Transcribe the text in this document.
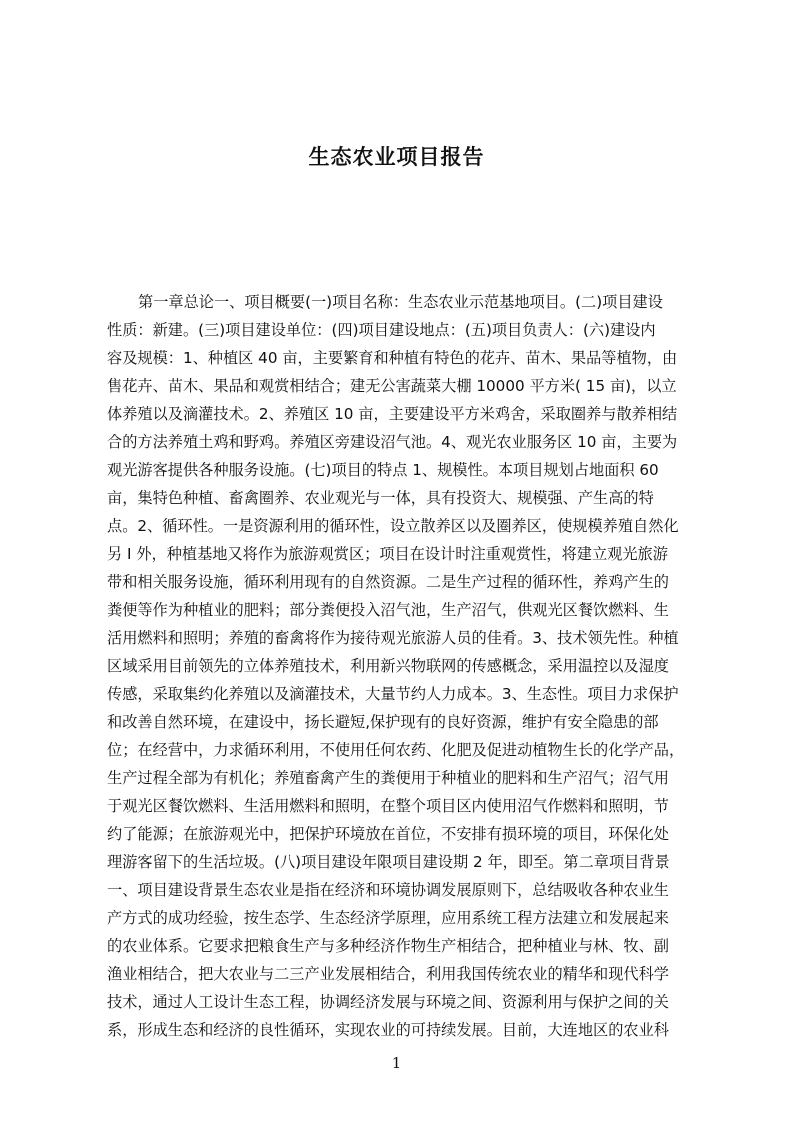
生态农业项目报告
第一章总论一、项目概要(一)项目名称：生态农业示范基地项目。(二)项目建设
性质：新建。(三)项目建设单位：(四)项目建设地点：(五)项目负责人：(六)建设内
容及规模：1、种植区 40 亩，主要繁育和种植有特色的花卉、苗木、果品等植物，由
售花卉、苗木、果品和观赏相结合；建无公害蔬菜大棚 10000 平方米( 15 亩)，以立
体养殖以及滴灌技术。2、养殖区 10 亩，主要建设平方米鸡舍，采取圈养与散养相结
合的方法养殖土鸡和野鸡。养殖区旁建设沼气池。4、观光农业服务区 10 亩，主要为
观光游客提供各种服务设施。(七)项目的特点 1、规模性。本项目规划占地面积 60
亩，集特色种植、畜禽圈养、农业观光与一体，具有投资大、规模强、产生高的特
点。2、循环性。一是资源利用的循环性，设立散养区以及圈养区，使规模养殖自然化
另 I 外，种植基地又将作为旅游观赏区；项目在设计时注重观赏性，将建立观光旅游
带和相关服务设施，循环利用现有的自然资源。二是生产过程的循环性，养鸡产生的
粪便等作为种植业的肥料；部分粪便投入沼气池，生产沼气，供观光区餐饮燃料、生
活用燃料和照明；养殖的畜禽将作为接待观光旅游人员的佳肴。3、技术领先性。种植
区域采用目前领先的立体养殖技术，利用新兴物联网的传感概念，采用温控以及湿度
传感，采取集约化养殖以及滴灌技术，大量节约人力成本。3、生态性。项目力求保护
和改善自然环境，在建设中，扬长避短,保护现有的良好资源，维护有安全隐患的部
位；在经营中，力求循环利用，不使用任何农药、化肥及促进动植物生长的化学产品，
生产过程全部为有机化；养殖畜禽产生的粪便用于种植业的肥料和生产沼气；沼气用
于观光区餐饮燃料、生活用燃料和照明，在整个项目区内使用沼气作燃料和照明，节
约了能源；在旅游观光中，把保护环境放在首位，不安排有损环境的项目，环保化处
理游客留下的生活垃圾。(八)项目建设年限项目建设期 2 年，即至。第二章项目背景
一、项目建设背景生态农业是指在经济和环境协调发展原则下，总结吸收各种农业生
产方式的成功经验，按生态学、生态经济学原理，应用系统工程方法建立和发展起来
的农业体系。它要求把粮食生产与多种经济作物生产相结合，把种植业与林、牧、副
渔业相结合，把大农业与二三产业发展相结合，利用我国传统农业的精华和现代科学
技术，通过人工设计生态工程，协调经济发展与环境之间、资源利用与保护之间的关
系，形成生态和经济的良性循环，实现农业的可持续发展。目前，大连地区的农业科
1
